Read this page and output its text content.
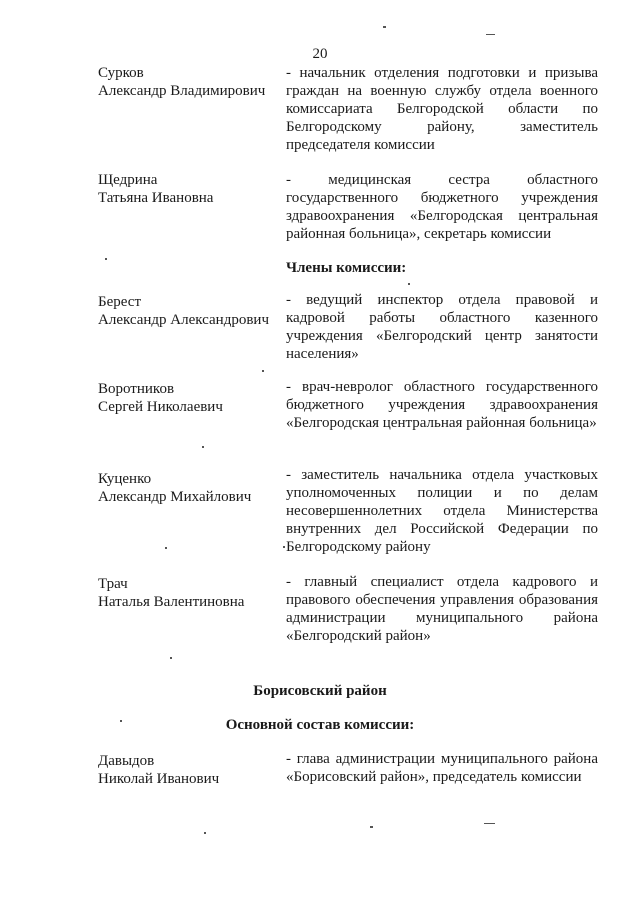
20
Сурков
Александр Владимирович
- начальник отделения подготовки и призыва граждан на военную службу отдела военного комиссариата Белгородской области по Белгородскому району, заместитель председателя комиссии
Щедрина
Татьяна Ивановна
- медицинская сестра областного государственного бюджетного учреждения здравоохранения «Белгородская центральная районная больница», секретарь комиссии
Члены комиссии:
Берест
Александр Александрович
- ведущий инспектор отдела правовой и кадровой работы областного казенного учреждения «Белгородский центр занятости населения»
Воротников
Сергей Николаевич
- врач-невролог областного государственного бюджетного учреждения здравоохранения «Белгородская центральная районная больница»
Куценко
Александр Михайлович
- заместитель начальника отдела участковых уполномоченных полиции и по делам несовершеннолетних отдела Министерства внутренних дел Российской Федерации по Белгородскому району
Трач
Наталья Валентиновна
- главный специалист отдела кадрового и правового обеспечения управления образования администрации муниципального района «Белгородский район»
Борисовский район
Основной состав комиссии:
Давыдов
Николай Иванович
- глава администрации муниципального района «Борисовский район», председатель комиссии
